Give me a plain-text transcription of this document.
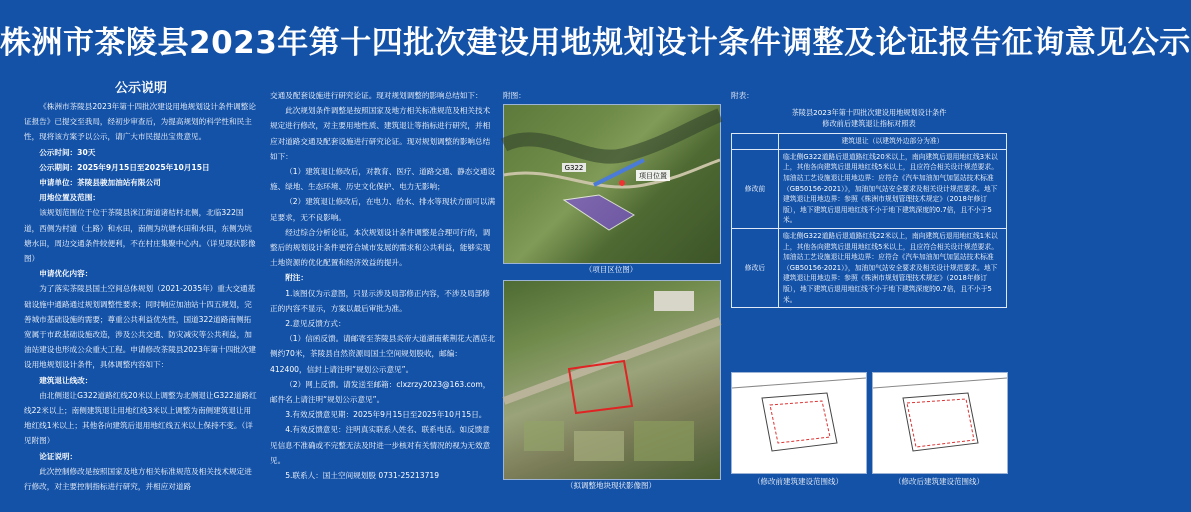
株洲市茶陵县2023年第十四批次建设用地规划设计条件调整及论证报告征询意见公示
公示说明

《株洲市茶陵县2023年第十四批次建设用地规划设计条件调整论证报告》已提交至我局，经初步审查后，为提高规划的科学性和民主性，现将该方案予以公示，请广大市民提出宝贵意见。

公示时间：30天

公示期间：2025年9月15日至2025年10月15日

申请单位：茶陵县骏加油站有限公司

用地位置及范围：

该规划范围位于位于茶陵县洣江街道诸桔村北侧，北临322国道，西侧为村道（土路）和水田，南侧为坑塘水田和水田，东侧为坑塘水田，周边交通条件较便利，不在村庄集聚中心内。（详见现状影像图）

申请优化内容：

为了落实茶陵县国土空间总体规划（2021-2035年）重大交通基础设施中通路通过规划调整性要求；同时响应加油站十四五规划，完善城市基础设施的需要；尊重公共利益优先性，国道322道路南侧拓宽属于市政基础设施改造，涉及公共交通、防灾减灾等公共利益，加油站建设也形成公众重大工程。申请修改茶陵县2023年第十四批次建设用地规划设计条件，具体调整内容如下：

建筑退让线改：

由北侧退让G322道路红线20米以上调整为北侧退让G322道路红线22米以上；南侧建筑退让用地红线3米以上调整为南侧建筑退让用地红线1米以上；其他各向建筑后退用地红线五米以上保持不变。（详见附图）

论证说明：

此次控制修改是按照国家及地方相关标准规范及相关技术规定进行修改，对主要控制指标进行研究，并相应对道路

交通及配套设施进行研究论证。现对规划调整的影响总结如下：

此次规划条件调整是按照国家及地方相关标准规范及相关技术规定进行修改，对主要用地性质、建筑退让等指标进行研究，并相应对道路交通及配套设施进行研究论证。现对规划调整的影响总结如下：

（1）建筑退让修改后，对教育、医疗、道路交通、静态交通设施、绿地、生态环境、历史文化保护、电力无影响；

（2）建筑退让修改后，在电力、给水、排水等现状方面可以满足要求，无不良影响。

经过综合分析论证，本次规划设计条件调整是合理可行的，调整后的规划设计条件更符合城市发展的需求和公共利益，能够实现土地资源的优化配置和经济效益的提升。

附注：

1.该图仅为示意图，只显示涉及局部修正内容，不涉及局部修正的内容不显示，方案以最后审批为准。

2.意见反馈方式：

（1）信函反馈。请邮寄至茶陵县炎帝大道湖南紫荆花大酒店北侧约70米，茶陵县自然资源局国土空间规划股收，邮编：412400，信封上请注明“规划公示意见”。

（2）网上反馈。请发送至邮箱：clxzrzy2023@163.com，邮件名上请注明“规划公示意见”。

3.有效反馈意见期：2025年9月15日至2025年10月15日。

4.有效反馈意见：注明真实联系人姓名、联系电话。如反馈意见信息不准确或不完整无法及时进一步核对有关情况的视为无效意见。

5.联系人：国土空间规划股 0731-25213719

附图：
项目位置
G322
（项目区位图）
（拟调整地块现状影像图）

附表：

茶陵县2023年第十四批次建设用地规划设计条件

修改前后建筑退让指标对照表

	建筑退让（以建筑外边部分为准）
修改前	临北侧G322道路后退道路红线20米以上，南向建筑后退用地红线3米以上，其他各向建筑后退用地红线5米以上，且应符合相关设计规范要求。加油站工艺设施退让用地边界：应符合《汽车加油加气加氢站技术标准（GB50156-2021）》，加油加气站安全要求及相关设计规范要求。地下建筑退让用地边界：参照《株洲市规划管理技术规定》（2018年修订版），地下建筑后退用地红线不小于地下建筑深度的0.7倍，且不小于5米。
修改后	临北侧G322道路后退道路红线22米以上，南向建筑后退用地红线1米以上，其他各向建筑后退用地红线5米以上，且应符合相关设计规范要求。加油站工艺设施退让用地边界：应符合《汽车加油加气加氢站技术标准（GB50156-2021）》，加油加气站安全要求及相关设计规范要求。地下建筑退让用地边界：参照《株洲市规划管理技术规定》（2018年修订版），地下建筑后退用地红线不小于地下建筑深度的0.7倍，且不小于5米。
（修改前建筑建设范围线）	（修改后建筑建设范围线）
